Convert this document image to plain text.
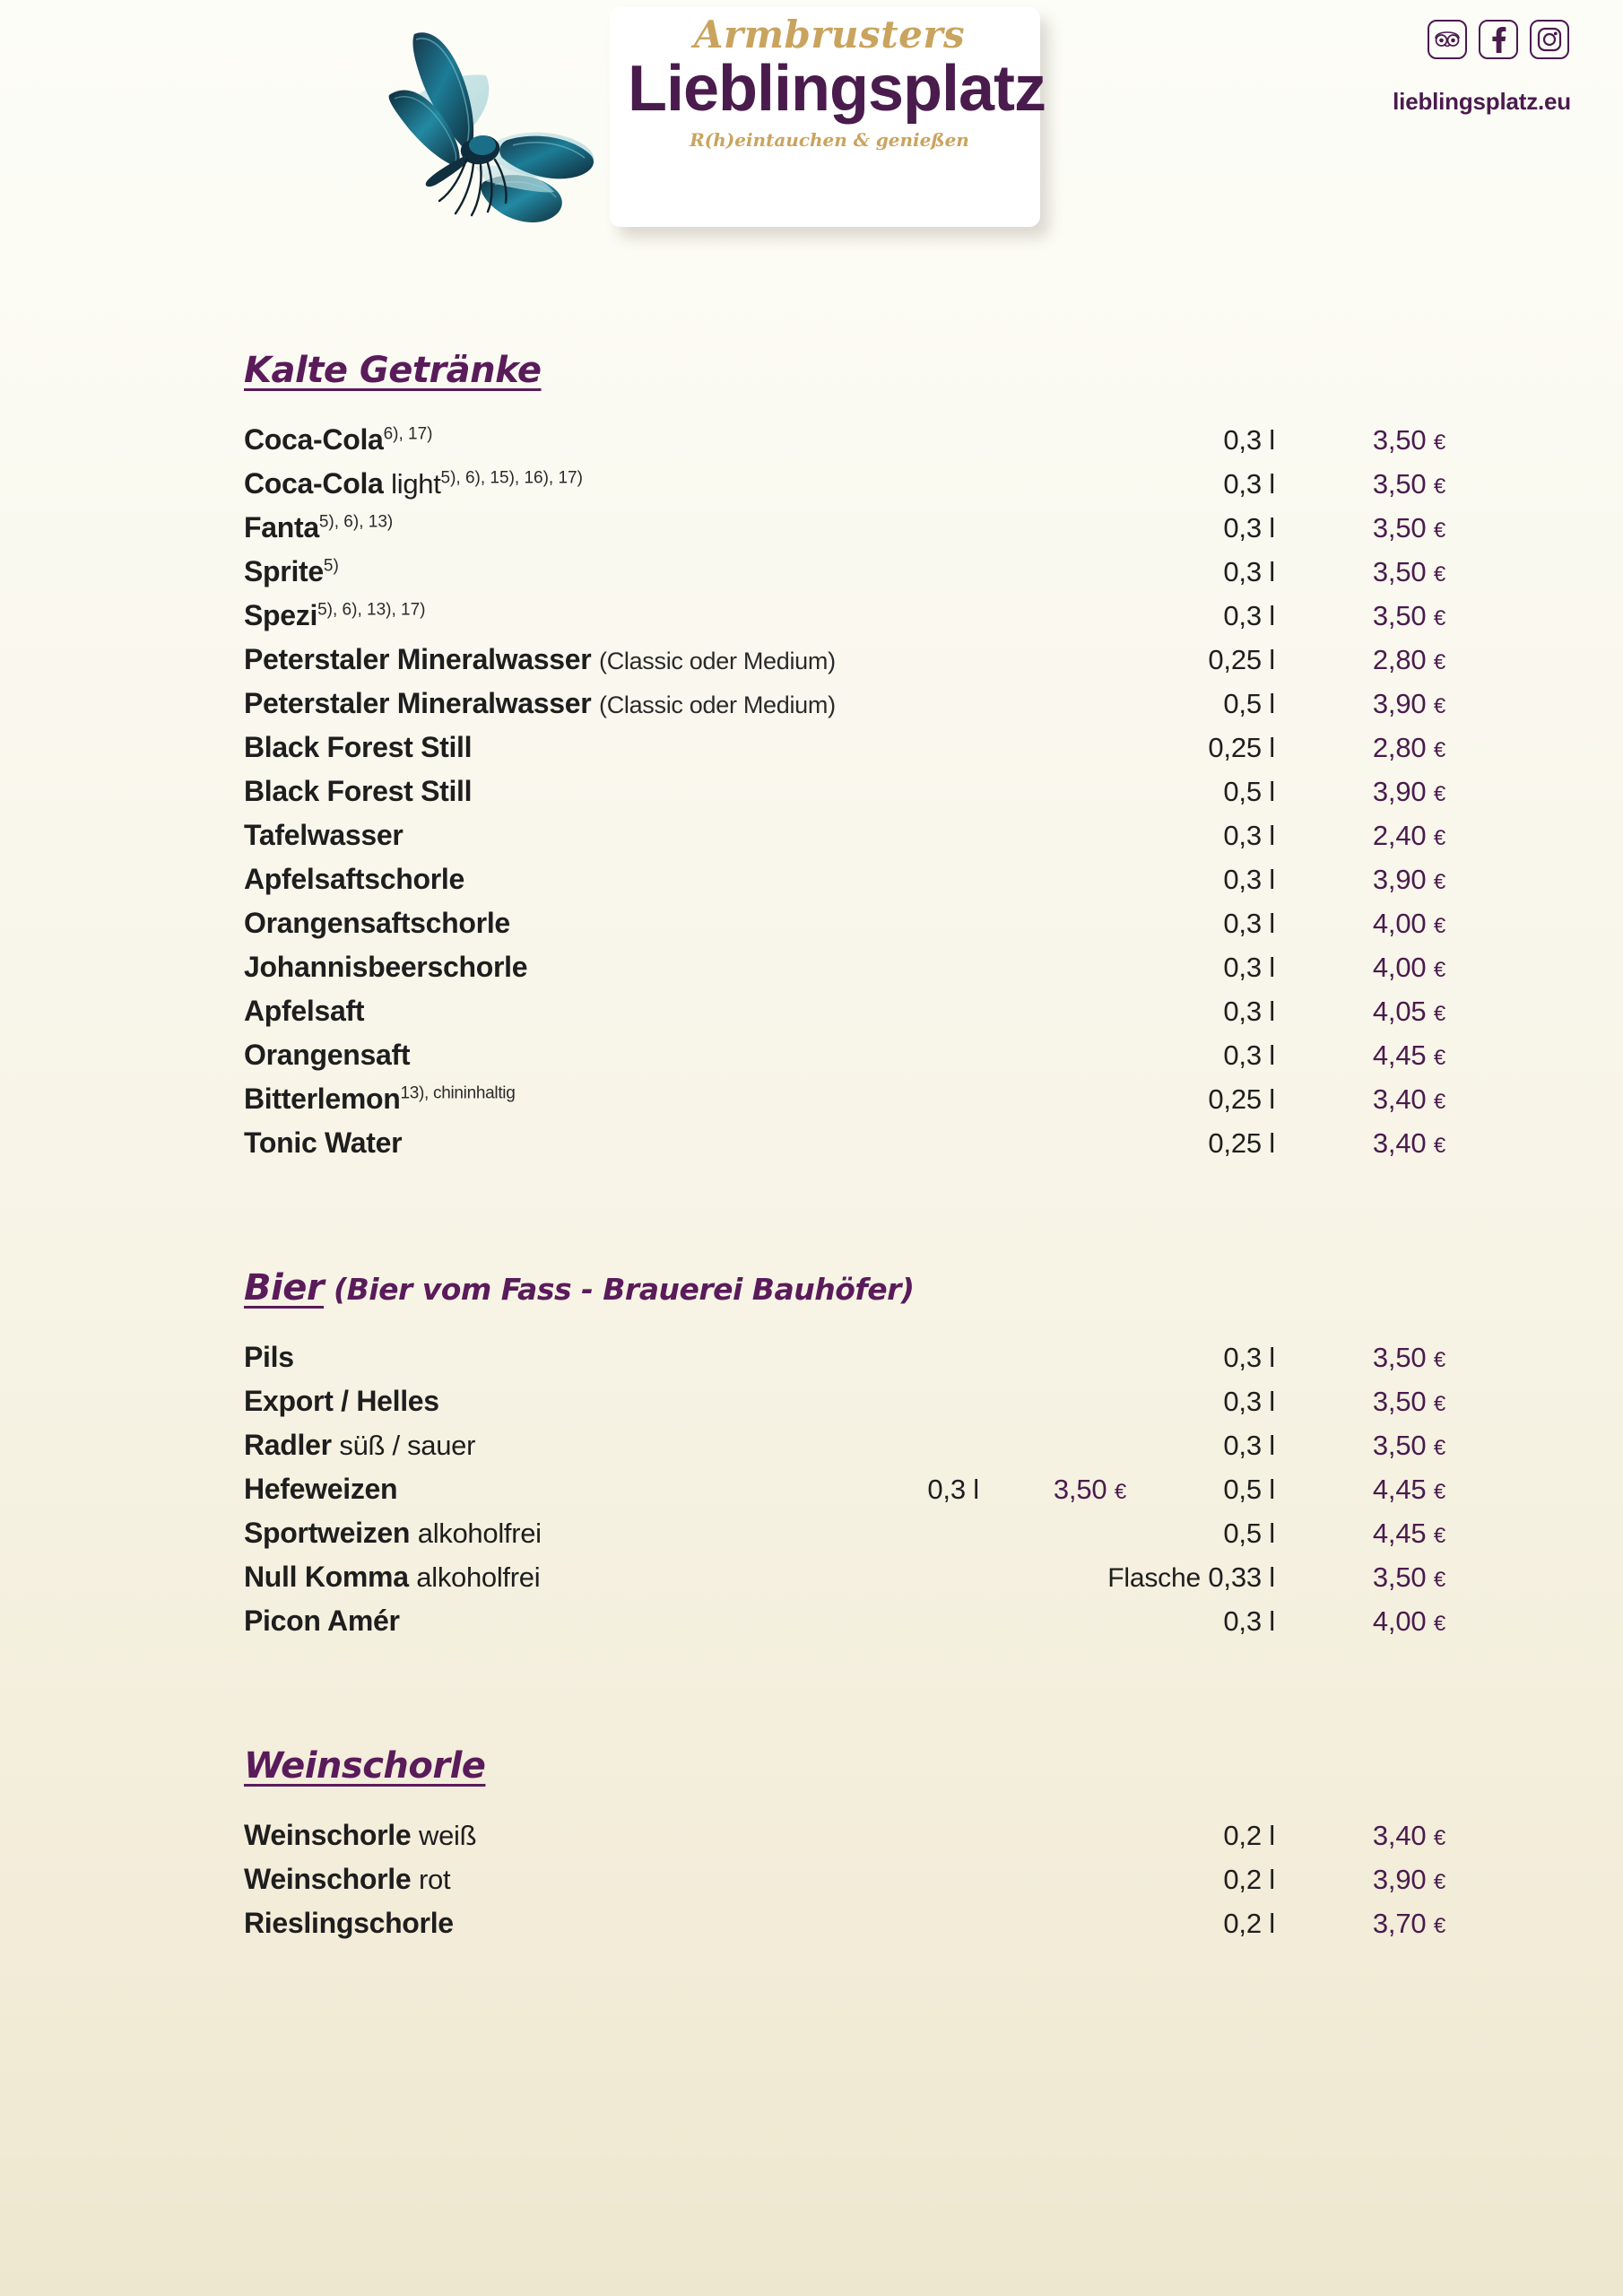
Armbrusters
Lieblingsplatz
R(h)eintauchen & genießen
lieblingsplatz.eu
Kalte Getränke
Coca-Cola$^{6), 17)}$	0,3 l	3,50 €
Coca-Cola light$^{5), 6), 15), 16), 17)}$	0,3 l	3,50 €
Fanta$^{5), 6), 13)}$	0,3 l	3,50 €
Sprite$^{5)}$	0,3 l	3,50 €
Spezi$^{5), 6), 13), 17)}$	0,3 l	3,50 €
Peterstaler Mineralwasser (Classic oder Medium)	0,25 l	2,80 €
Peterstaler Mineralwasser (Classic oder Medium)	0,5 l	3,90 €
Black Forest Still	0,25 l	2,80 €
Black Forest Still	0,5 l	3,90 €
Tafelwasser	0,3 l	2,40 €
Apfelsaftschorle	0,3 l	3,90 €
Orangensaftschorle	0,3 l	4,00 €
Johannisbeerschorle	0,3 l	4,00 €
Apfelsaft	0,3 l	4,05 €
Orangensaft	0,3 l	4,45 €
Bitterlemon$^{13), chininhaltig}$	0,25 l	3,40 €
Tonic Water	0,25 l	3,40 €
Bier (Bier vom Fass - Brauerei Bauhöfer)
Pils	0,3 l	3,50 €
Export / Helles	0,3 l	3,50 €
Radler süß / sauer	0,3 l	3,50 €
Hefeweizen	0,3 l	3,50 €	0,5 l	4,45 €
Sportweizen alkoholfrei	0,5 l	4,45 €
Null Komma alkoholfrei	Flasche 0,33 l	3,50 €
Picon Amér	0,3 l	4,00 €
Weinschorle
Weinschorle weiß	0,2 l	3,40 €
Weinschorle rot	0,2 l	3,90 €
Rieslingschorle	0,2 l	3,70 €
